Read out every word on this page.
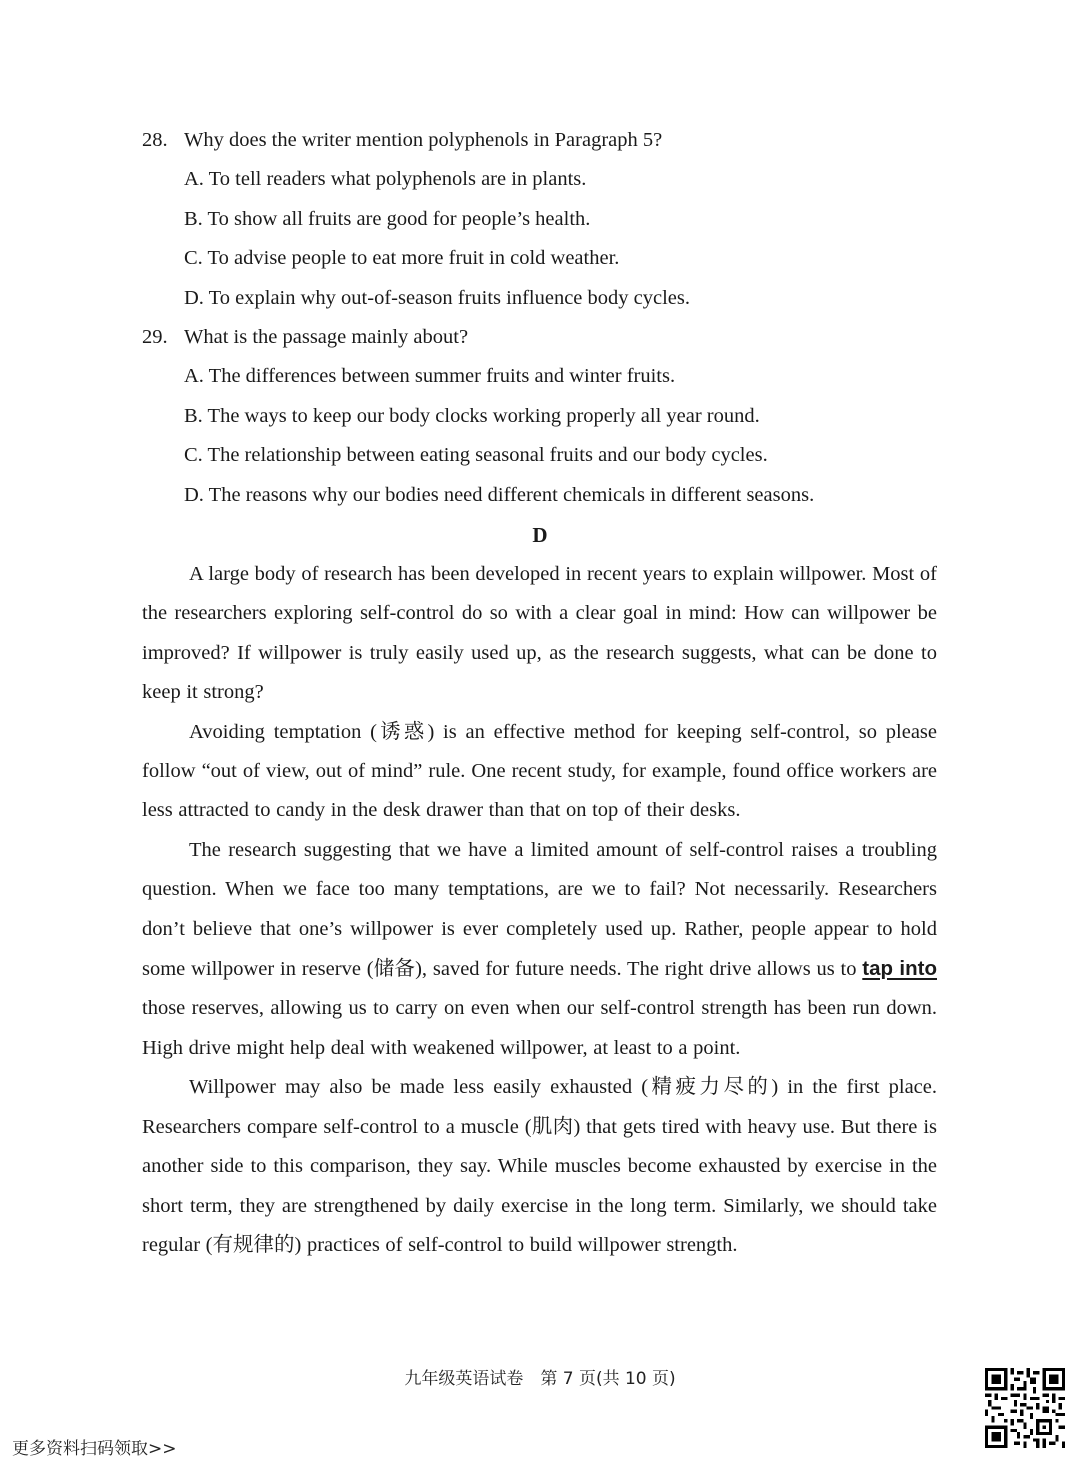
28. Why does the writer mention polyphenols in Paragraph 5?
A. To tell readers what polyphenols are in plants.
B. To show all fruits are good for people’s health.
C. To advise people to eat more fruit in cold weather.
D. To explain why out-of-season fruits influence body cycles.
29. What is the passage mainly about?
A. The differences between summer fruits and winter fruits.
B. The ways to keep our body clocks working properly all year round.
C. The relationship between eating seasonal fruits and our body cycles.
D. The reasons why our bodies need different chemicals in different seasons.
D

A large body of research has been developed in recent years to explain willpower. Most of the researchers exploring self-control do so with a clear goal in mind: How can willpower be improved? If willpower is truly easily used up, as the research suggests, what can be done to keep it strong?

Avoiding temptation (诱惑) is an effective method for keeping self-control, so please follow “out of view, out of mind” rule. One recent study, for example, found office workers are less attracted to candy in the desk drawer than that on top of their desks.

The research suggesting that we have a limited amount of self-control raises a troubling question. When we face too many temptations, are we to fail? Not necessarily. Researchers don’t believe that one’s willpower is ever completely used up. Rather, people appear to hold some willpower in reserve (储备), saved for future needs. The right drive allows us to tap into those reserves, allowing us to carry on even when our self-control strength has been run down. High drive might help deal with weakened willpower, at least to a point.

Willpower may also be made less easily exhausted (精疲力尽的) in the first place. Researchers compare self-control to a muscle (肌肉) that gets tired with heavy use. But there is another side to this comparison, they say. While muscles become exhausted by exercise in the short term, they are strengthened by daily exercise in the long term. Similarly, we should take regular (有规律的) practices of self-control to build willpower strength.

九年级英语试卷　第 7 页(共 10 页)
更多资料扫码领取>>
